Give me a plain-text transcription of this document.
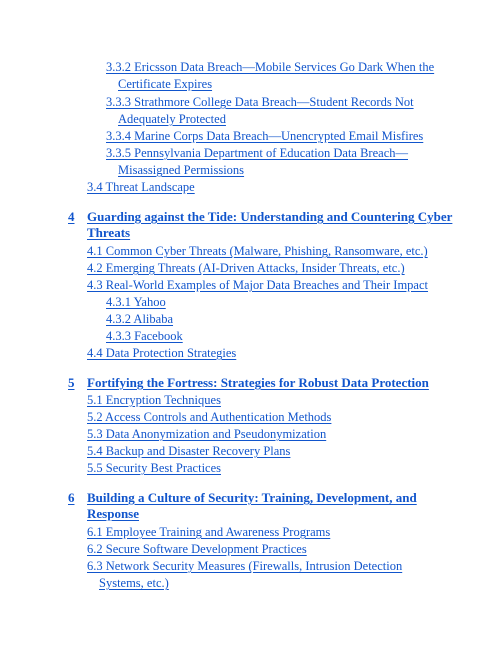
3.3.2 Ericsson Data Breach—Mobile Services Go Dark When the
Certificate Expires
3.3.3 Strathmore College Data Breach—Student Records Not
Adequately Protected
3.3.4 Marine Corps Data Breach—Unencrypted Email Misfires
3.3.5 Pennsylvania Department of Education Data Breach—
Misassigned Permissions
3.4 Threat Landscape
4 Guarding against the Tide: Understanding and Countering Cyber
Threats
4.1 Common Cyber Threats (Malware, Phishing, Ransomware, etc.)
4.2 Emerging Threats (AI-Driven Attacks, Insider Threats, etc.)
4.3 Real-World Examples of Major Data Breaches and Their Impact
4.3.1 Yahoo
4.3.2 Alibaba
4.3.3 Facebook
4.4 Data Protection Strategies
5 Fortifying the Fortress: Strategies for Robust Data Protection
5.1 Encryption Techniques
5.2 Access Controls and Authentication Methods
5.3 Data Anonymization and Pseudonymization
5.4 Backup and Disaster Recovery Plans
5.5 Security Best Practices
6 Building a Culture of Security: Training, Development, and
Response
6.1 Employee Training and Awareness Programs
6.2 Secure Software Development Practices
6.3 Network Security Measures (Firewalls, Intrusion Detection
Systems, etc.)
